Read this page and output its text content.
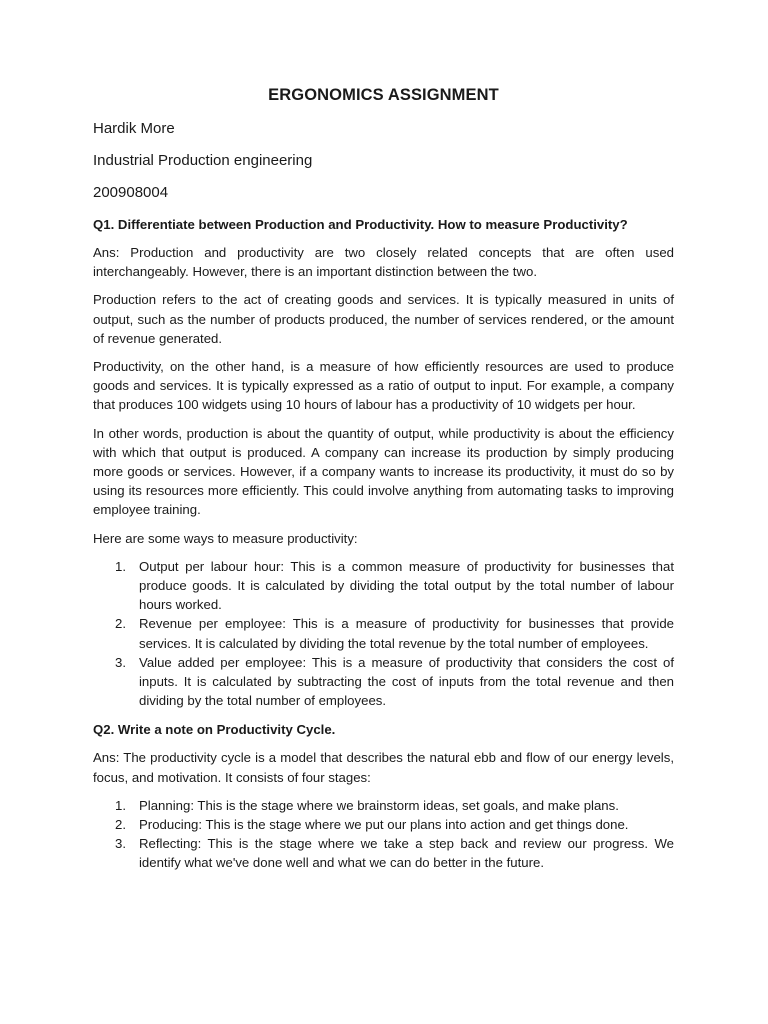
ERGONOMICS ASSIGNMENT
Hardik More
Industrial Production engineering
200908004
Q1. Differentiate between Production and Productivity. How to measure Productivity?

Ans: Production and productivity are two closely related concepts that are often used interchangeably. However, there is an important distinction between the two.

Production refers to the act of creating goods and services. It is typically measured in units of output, such as the number of products produced, the number of services rendered, or the amount of revenue generated.

Productivity, on the other hand, is a measure of how efficiently resources are used to produce goods and services. It is typically expressed as a ratio of output to input. For example, a company that produces 100 widgets using 10 hours of labour has a productivity of 10 widgets per hour.

In other words, production is about the quantity of output, while productivity is about the efficiency with which that output is produced. A company can increase its production by simply producing more goods or services. However, if a company wants to increase its productivity, it must do so by using its resources more efficiently. This could involve anything from automating tasks to improving employee training.

Here are some ways to measure productivity:

1. Output per labour hour: This is a common measure of productivity for businesses that produce goods. It is calculated by dividing the total output by the total number of labour hours worked.
2. Revenue per employee: This is a measure of productivity for businesses that provide services. It is calculated by dividing the total revenue by the total number of employees.
3. Value added per employee: This is a measure of productivity that considers the cost of inputs. It is calculated by subtracting the cost of inputs from the total revenue and then dividing by the total number of employees.
Q2. Write a note on Productivity Cycle.

Ans: The productivity cycle is a model that describes the natural ebb and flow of our energy levels, focus, and motivation. It consists of four stages:

1. Planning: This is the stage where we brainstorm ideas, set goals, and make plans.
2. Producing: This is the stage where we put our plans into action and get things done.
3. Reflecting: This is the stage where we take a step back and review our progress. We identify what we've done well and what we can do better in the future.
